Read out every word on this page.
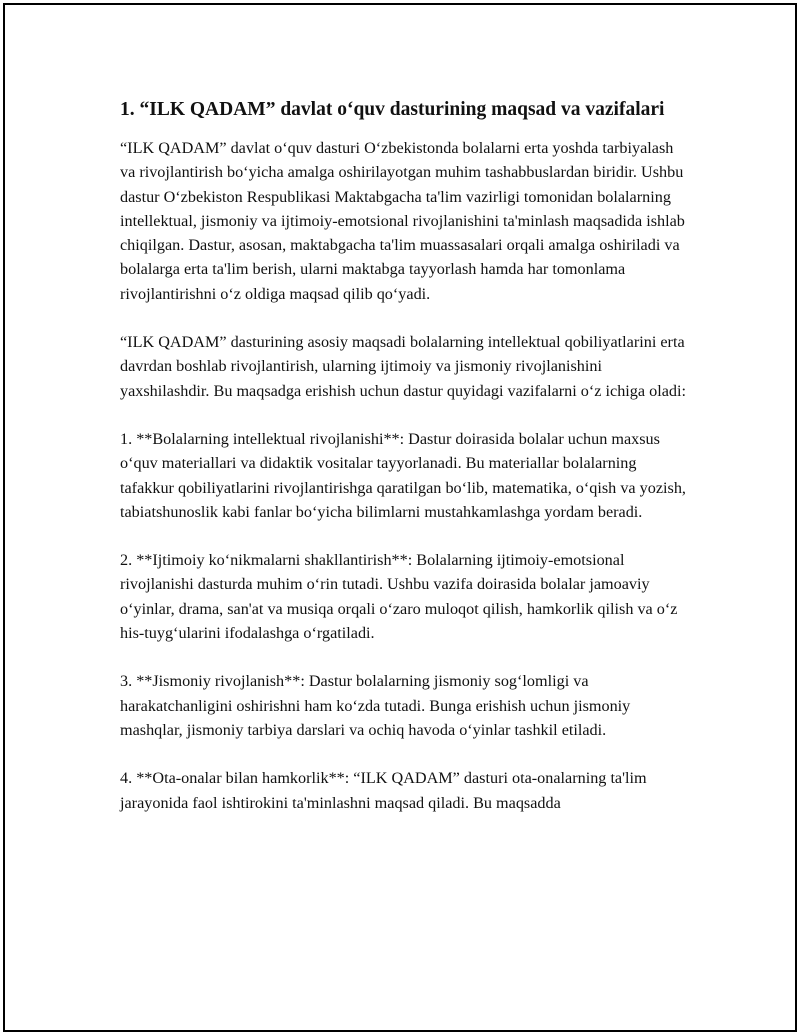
1. “ILK QADAM” davlat o‘quv dasturining maqsad va vazifalari

“ILK QADAM” davlat o‘quv dasturi O‘zbekistonda bolalarni erta yoshda tarbiyalash va rivojlantirish bo‘yicha amalga oshirilayotgan muhim tashabbuslardan biridir. Ushbu dastur O‘zbekiston Respublikasi Maktabgacha ta'lim vazirligi tomonidan bolalarning intellektual, jismoniy va ijtimoiy-emotsional rivojlanishini ta'minlash maqsadida ishlab chiqilgan. Dastur, asosan, maktabgacha ta'lim muassasalari orqali amalga oshiriladi va bolalarga erta ta'lim berish, ularni maktabga tayyorlash hamda har tomonlama rivojlantirishni o‘z oldiga maqsad qilib qo‘yadi.

“ILK QADAM” dasturining asosiy maqsadi bolalarning intellektual qobiliyatlarini erta davrdan boshlab rivojlantirish, ularning ijtimoiy va jismoniy rivojlanishini yaxshilashdir. Bu maqsadga erishish uchun dastur quyidagi vazifalarni o‘z ichiga oladi:

1. **Bolalarning intellektual rivojlanishi**: Dastur doirasida bolalar uchun maxsus o‘quv materiallari va didaktik vositalar tayyorlanadi. Bu materiallar bolalarning tafakkur qobiliyatlarini rivojlantirishga qaratilgan bo‘lib, matematika, o‘qish va yozish, tabiatshunoslik kabi fanlar bo‘yicha bilimlarni mustahkamlashga yordam beradi.

2. **Ijtimoiy ko‘nikmalarni shakllantirish**: Bolalarning ijtimoiy-emotsional rivojlanishi dasturda muhim o‘rin tutadi. Ushbu vazifa doirasida bolalar jamoaviy o‘yinlar, drama, san'at va musiqa orqali o‘zaro muloqot qilish, hamkorlik qilish va o‘z his-tuyg‘ularini ifodalashga o‘rgatiladi.

3. **Jismoniy rivojlanish**: Dastur bolalarning jismoniy sog‘lomligi va harakatchanligini oshirishni ham ko‘zda tutadi. Bunga erishish uchun jismoniy mashqlar, jismoniy tarbiya darslari va ochiq havoda o‘yinlar tashkil etiladi.

4. **Ota-onalar bilan hamkorlik**: “ILK QADAM” dasturi ota-onalarning ta'lim jarayonida faol ishtirokini ta'minlashni maqsad qiladi. Bu maqsadda
